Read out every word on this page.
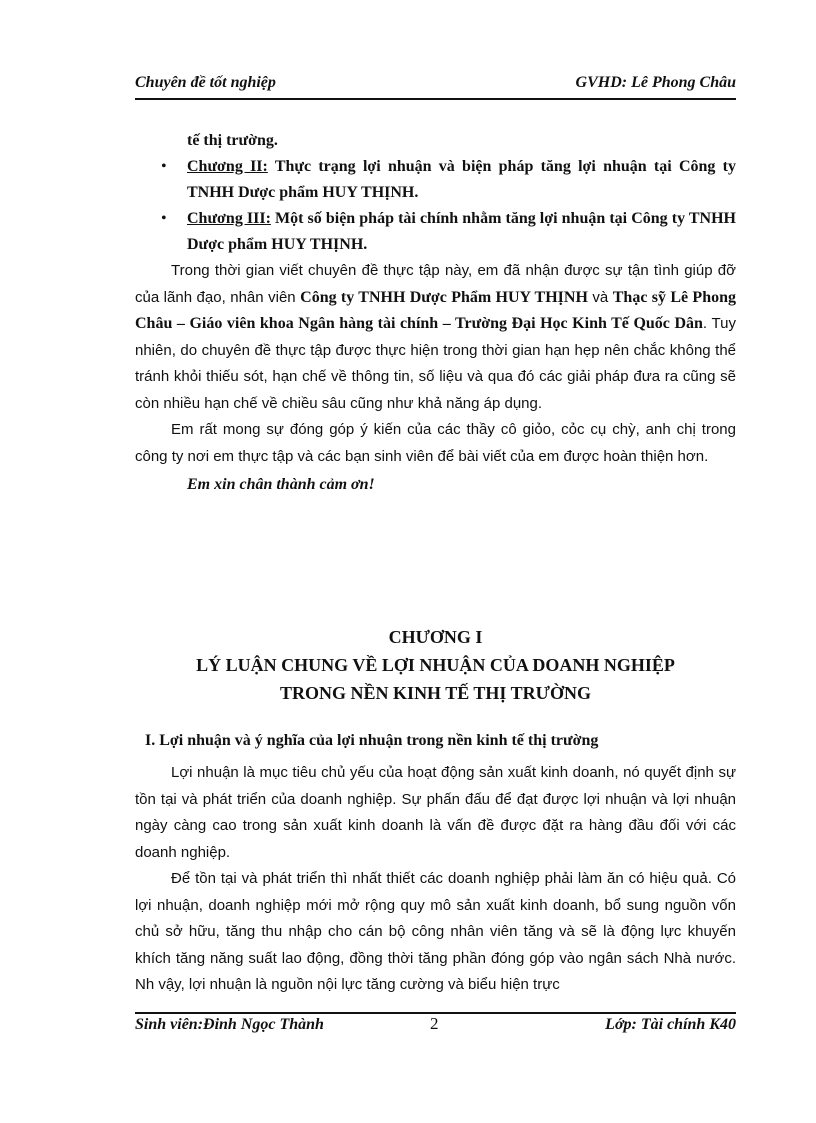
Chuyên đề tốt nghiệp	GVHD: Lê Phong Châu
tế thị trường.
• Chương II: Thực trạng lợi nhuận và biện pháp tăng lợi nhuận tại Công ty TNHH Dược phẩm HUY THỊNH.
• Chương III: Một số biện pháp tài chính nhằm tăng lợi nhuận tại Công ty TNHH Dược phẩm HUY THỊNH.

Trong thời gian viết chuyên đề thực tập này, em đã nhận được sự tận tình giúp đỡ của lãnh đạo, nhân viên Công ty TNHH Dược Phẩm HUY THỊNH và Thạc sỹ Lê Phong Châu – Giáo viên khoa Ngân hàng tài chính – Trường Đại Học Kinh Tế Quốc Dân. Tuy nhiên, do chuyên đề thực tập được thực hiện trong thời gian hạn hẹp nên chắc không thể tránh khỏi thiếu sót, hạn chế về thông tin, số liệu và qua đó các giải pháp đưa ra cũng sẽ còn nhiều hạn chế về chiều sâu cũng như khả năng áp dụng.

Em rất mong sự đóng góp ý kiến của các thầy cô giỏo, cỏc cụ chỳ, anh chị trong công ty nơi em thực tập và các bạn sinh viên để bài viết của em được hoàn thiện hơn.

Em xin chân thành cảm ơn!

CHƯƠNG I
LÝ LUẬN CHUNG VỀ LỢI NHUẬN CỦA DOANH NGHIỆP
TRONG NỀN KINH TẾ THỊ TRƯỜNG
I. Lợi nhuận và ý nghĩa của lợi nhuận trong nền kinh tế thị trường

Lợi nhuận là mục tiêu chủ yếu của hoạt động sản xuất kinh doanh, nó quyết định sự tồn tại và phát triển của doanh nghiệp. Sự phấn đấu để đạt được lợi nhuận và lợi nhuận ngày càng cao trong sản xuất kinh doanh là vấn đề được đặt ra hàng đầu đối với các doanh nghiệp.

Để tồn tại và phát triển thì nhất thiết các doanh nghiệp phải làm ăn có hiệu quả. Có lợi nhuận, doanh nghiệp mới mở rộng quy mô sản xuất kinh doanh, bổ sung nguồn vốn chủ sở hữu, tăng thu nhập cho cán bộ công nhân viên tăng và sẽ là động lực khuyến khích tăng năng suất lao động, đồng thời tăng phần đóng góp vào ngân sách Nhà nước. Nh vậy, lợi nhuận là nguồn nội lực tăng cường và biểu hiện trực

Sinh viên:Đinh Ngọc Thành	2	Lớp: Tài chính K40
